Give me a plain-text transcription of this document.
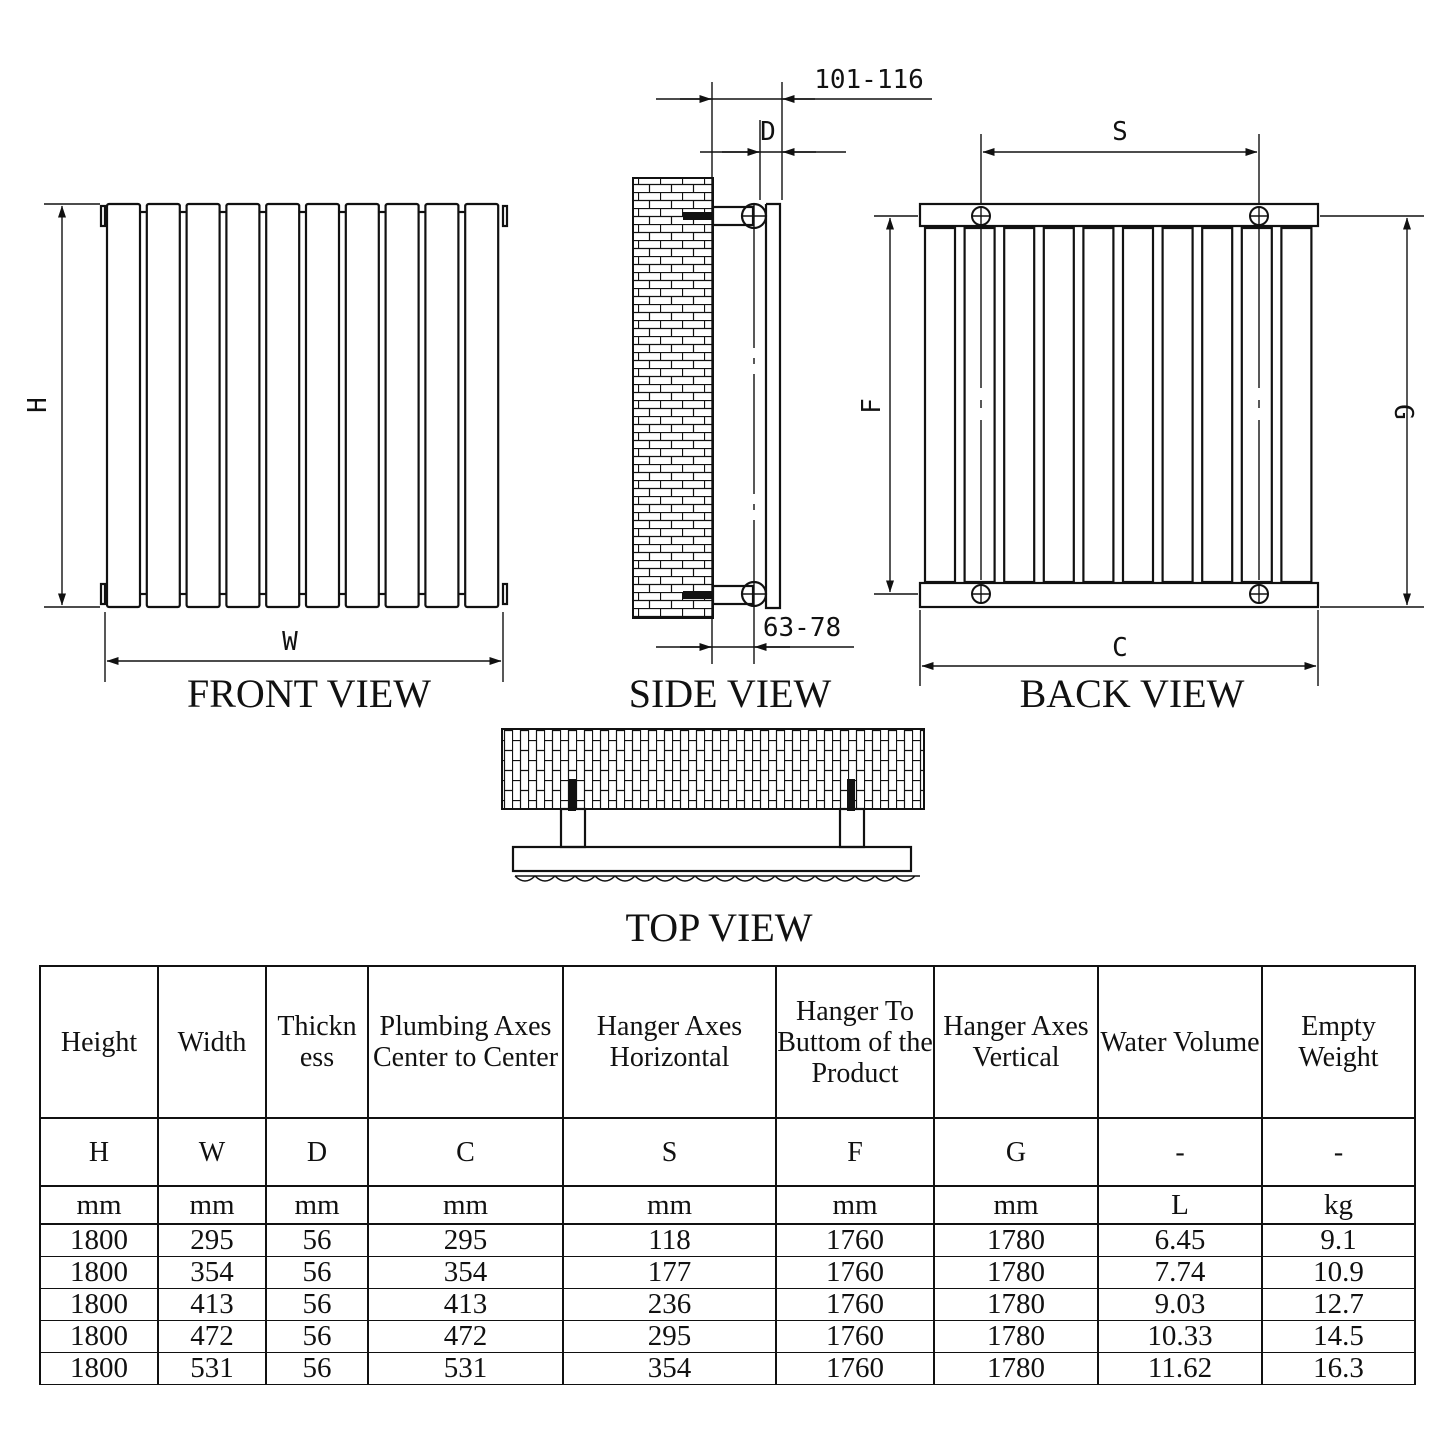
H
W
FRONT VIEW
101-116
D
63-78
SIDE VIEW
S
F	G
C
BACK VIEW
TOP VIEW
Height	Width	Thickn ess	Plumbing Axes Center to Center	Hanger Axes Horizontal	Hanger To Buttom of the Product	Hanger Axes Vertical	Water Volume	Empty Weight
H	W	D	C	S	F	G	-	-
mm	mm	mm	mm	mm	mm	mm	L	kg
1800	295	56	295	118	1760	1780	6.45	9.1
1800	354	56	354	177	1760	1780	7.74	10.9
1800	413	56	413	236	1760	1780	9.03	12.7
1800	472	56	472	295	1760	1780	10.33	14.5
1800	531	56	531	354	1760	1780	11.62	16.3
